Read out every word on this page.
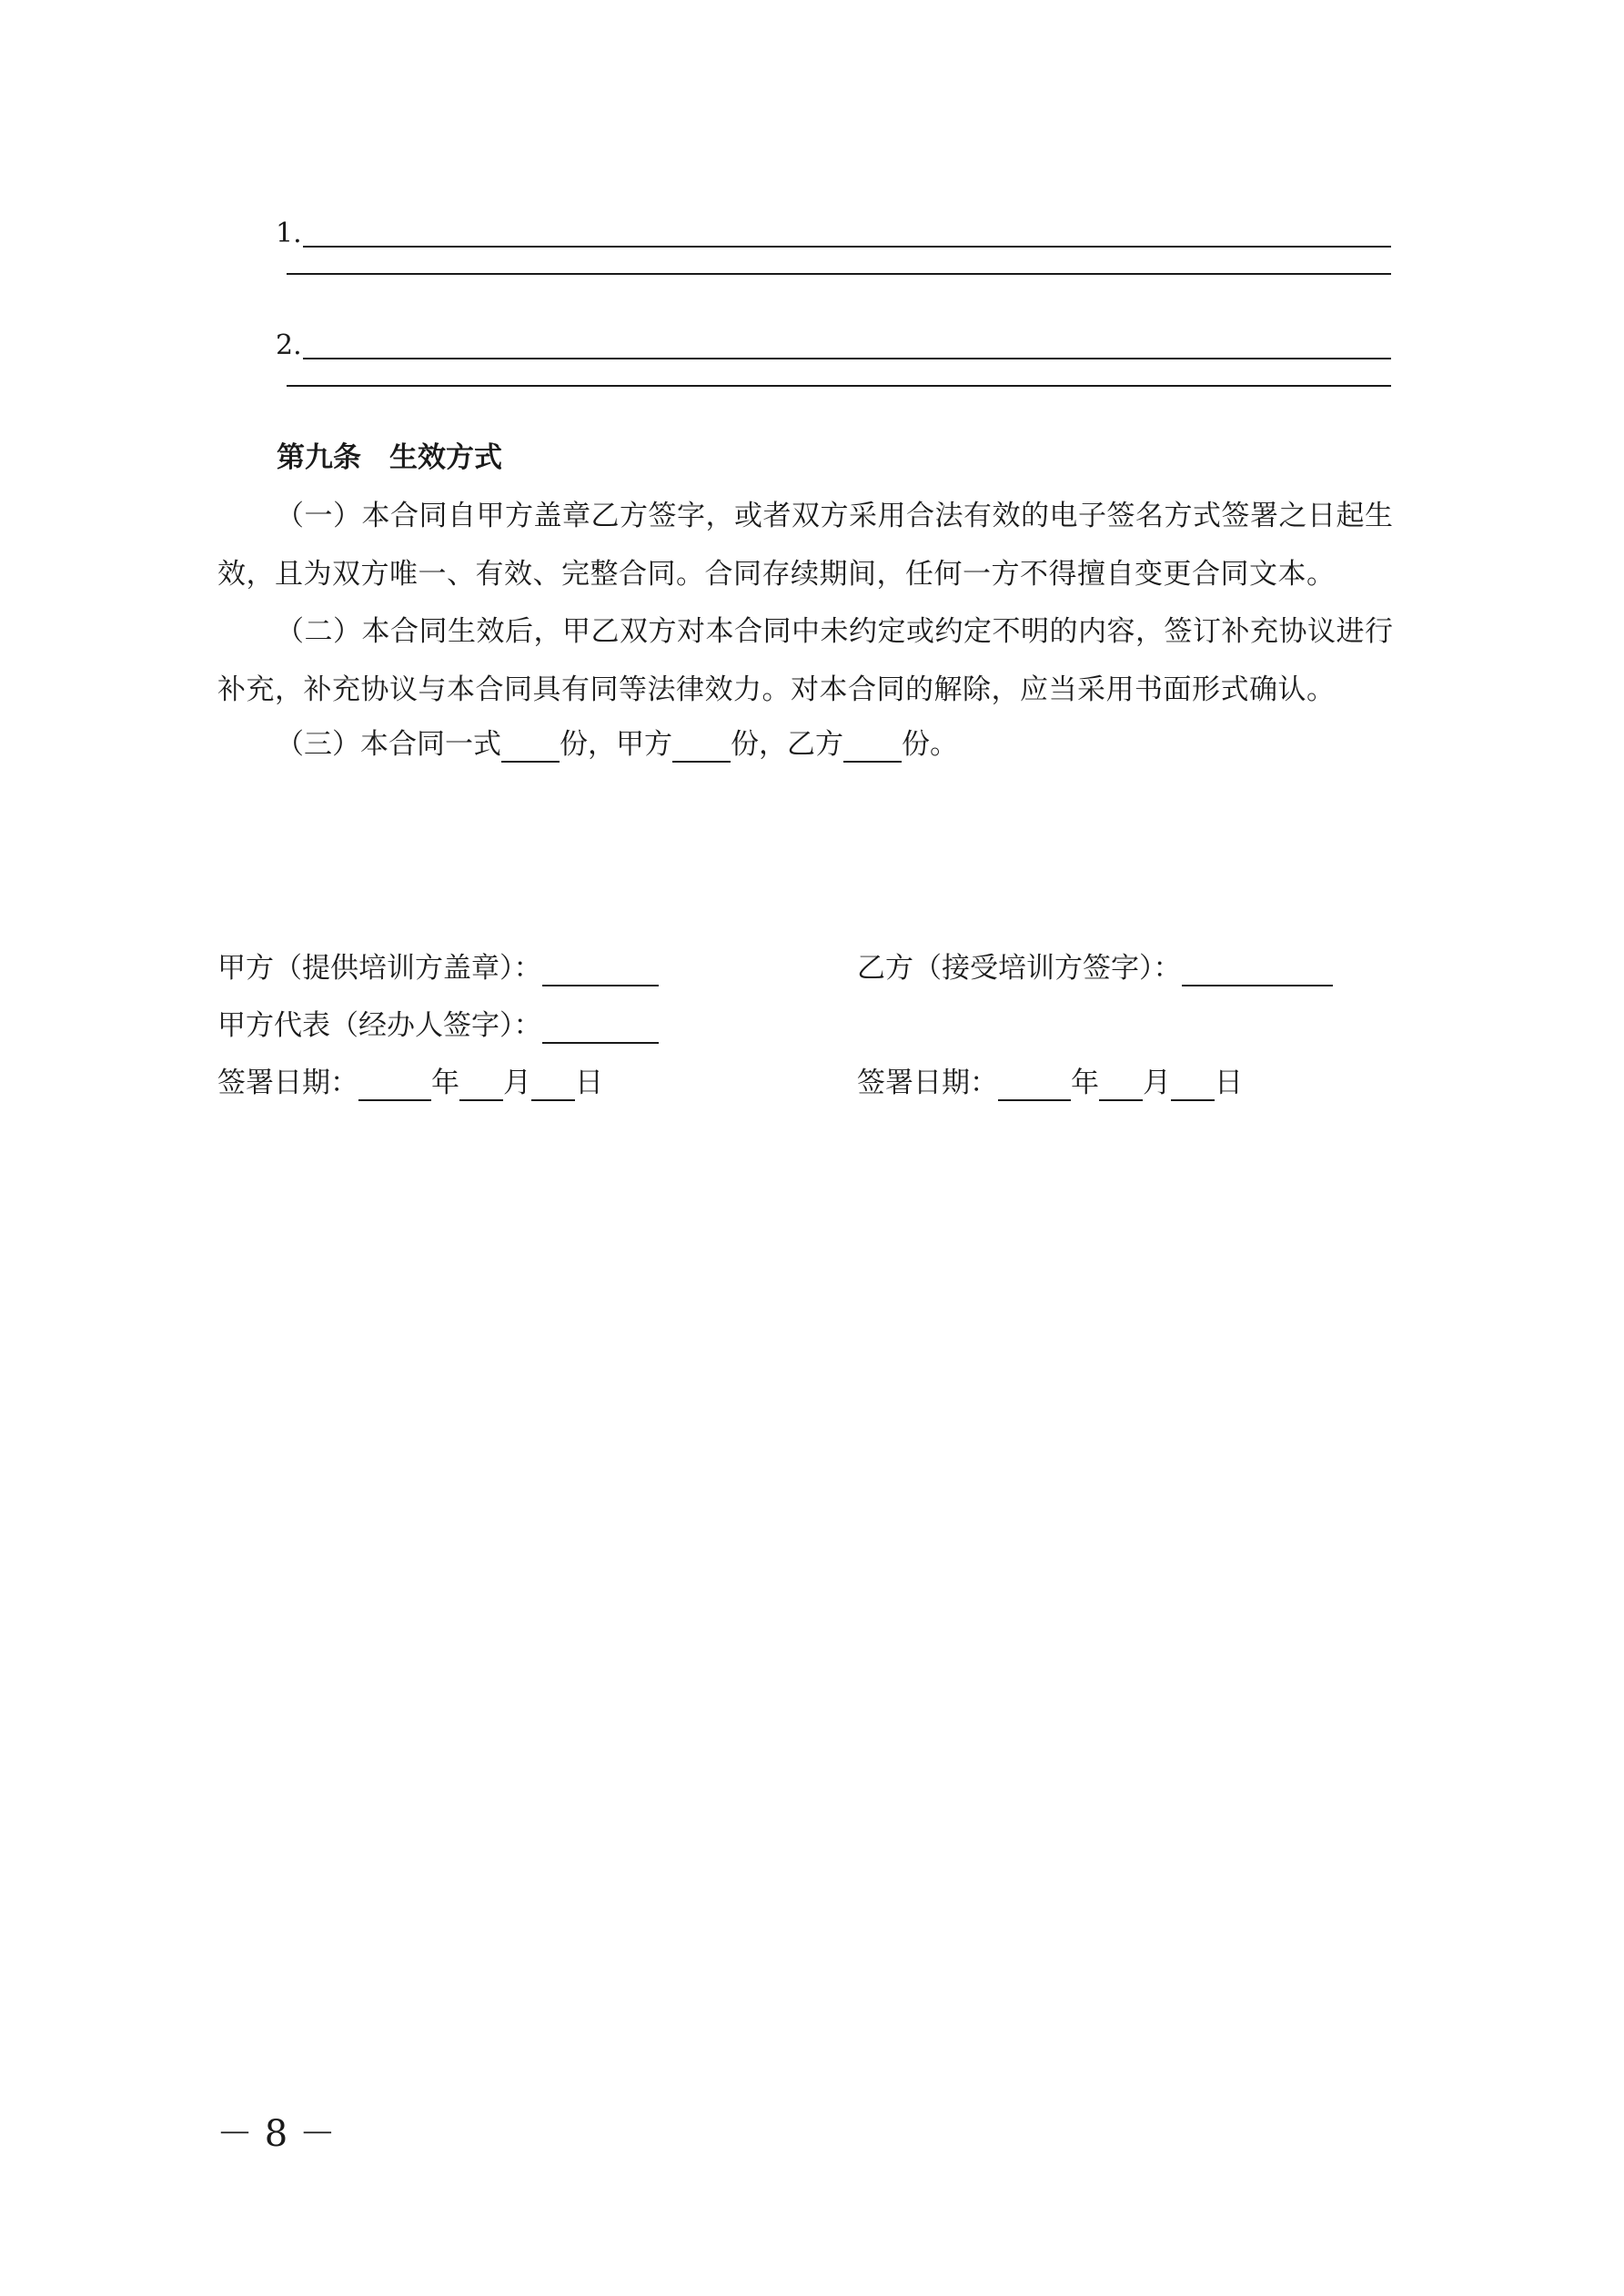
1.
2.
第九条　生效方式

（一）本合同自甲方盖章乙方签字，或者双方采用合法有效的电子签名方式签署之日起生效，且为双方唯一、有效、完整合同。合同存续期间，任何一方不得擅自变更合同文本。

（二）本合同生效后，甲乙双方对本合同中未约定或约定不明的内容，签订补充协议进行补充，补充协议与本合同具有同等法律效力。对本合同的解除，应当采用书面形式确认。

（三）本合同一式 份，甲方 份，乙方 份。
甲方（提供培训方盖章）：	乙方（接受培训方签字）：
甲方代表（经办人签字）：
签署日期：	年 月 日	签署日期：	年 月 日
－ 8 －
